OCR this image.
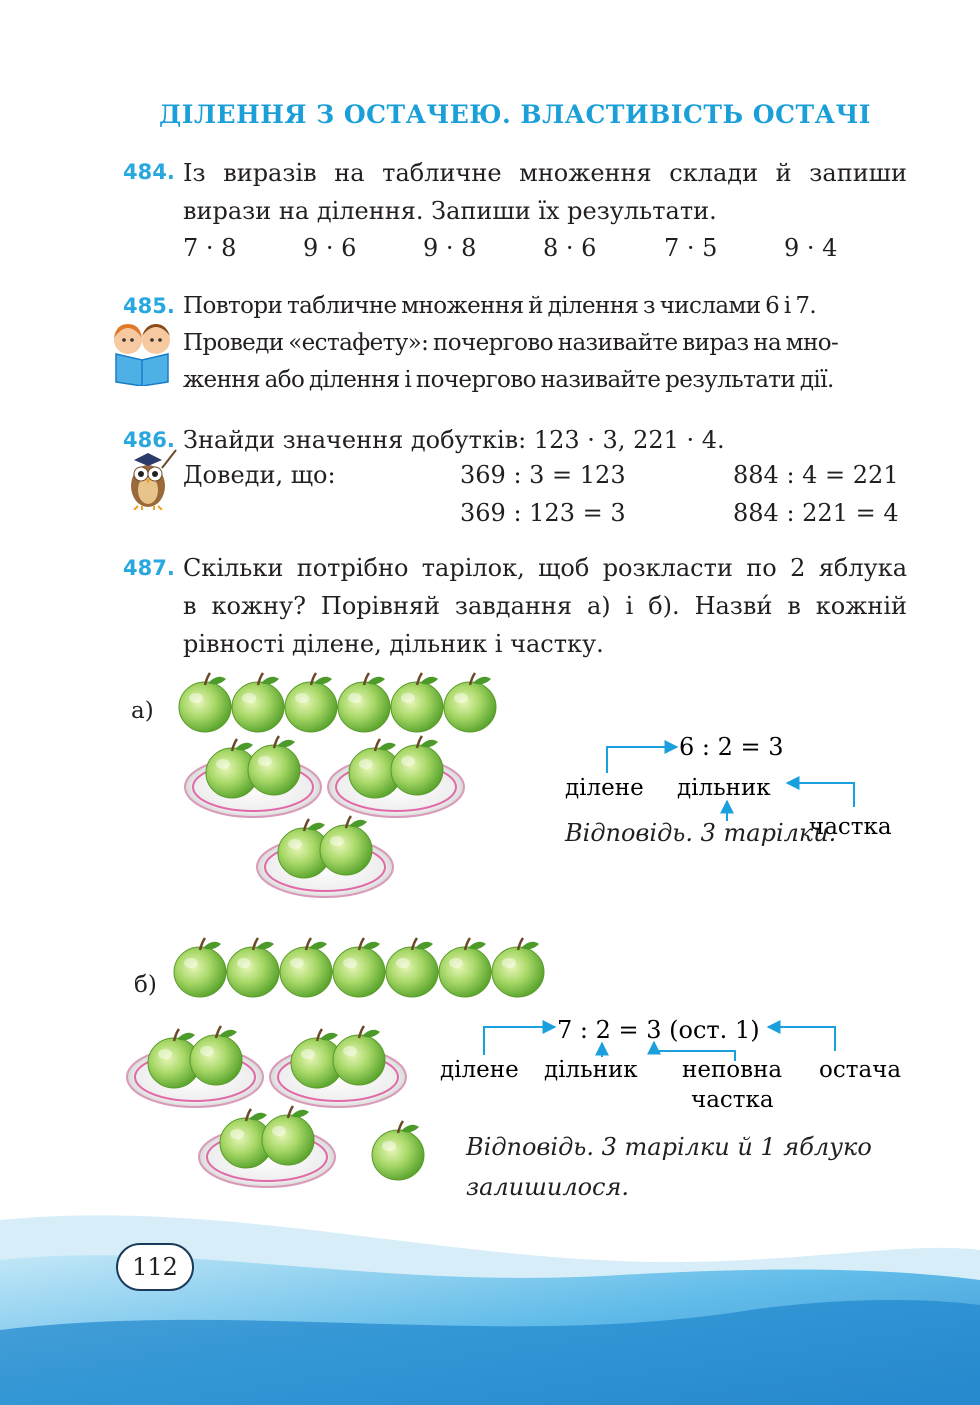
ДІЛЕННЯ З ОСТАЧЕЮ. ВЛАСТИВІСТЬ ОСТАЧІ
484. Із виразів на табличне множення склади й запиши
вирази на ділення. Запиши їх результати.
7 · 8	9 · 6	9 · 8	8 · 6	7 · 5	9 · 4
485. Повтори табличне множення й ділення з числами 6 і 7.
Проведи «естафету»: почергово називайте вираз на мно-
ження або ділення і почергово називайте результати дії.
486. Знайди значення добутків: 123 · 3, 221 · 4.
Доведи, що:	369 : 3 = 123	884 : 4 = 221
369 : 123 = 3	884 : 221 = 4
487. Скільки потрібно тарілок, щоб розкласти по 2 яблука
в кожну? Порівняй завдання а) і б). Назви́ в кожній
рівності ділене, дільник і частку.
а)
6 : 2 = 3
ділене дільник
частка
Відповідь. 3 тарілки.
б)
7 : 2 = 3 (ост. 1)
ділене дільник неповна
частка
остача
Відповідь. 3 тарілки й 1 яблуко
залишилося.
112
